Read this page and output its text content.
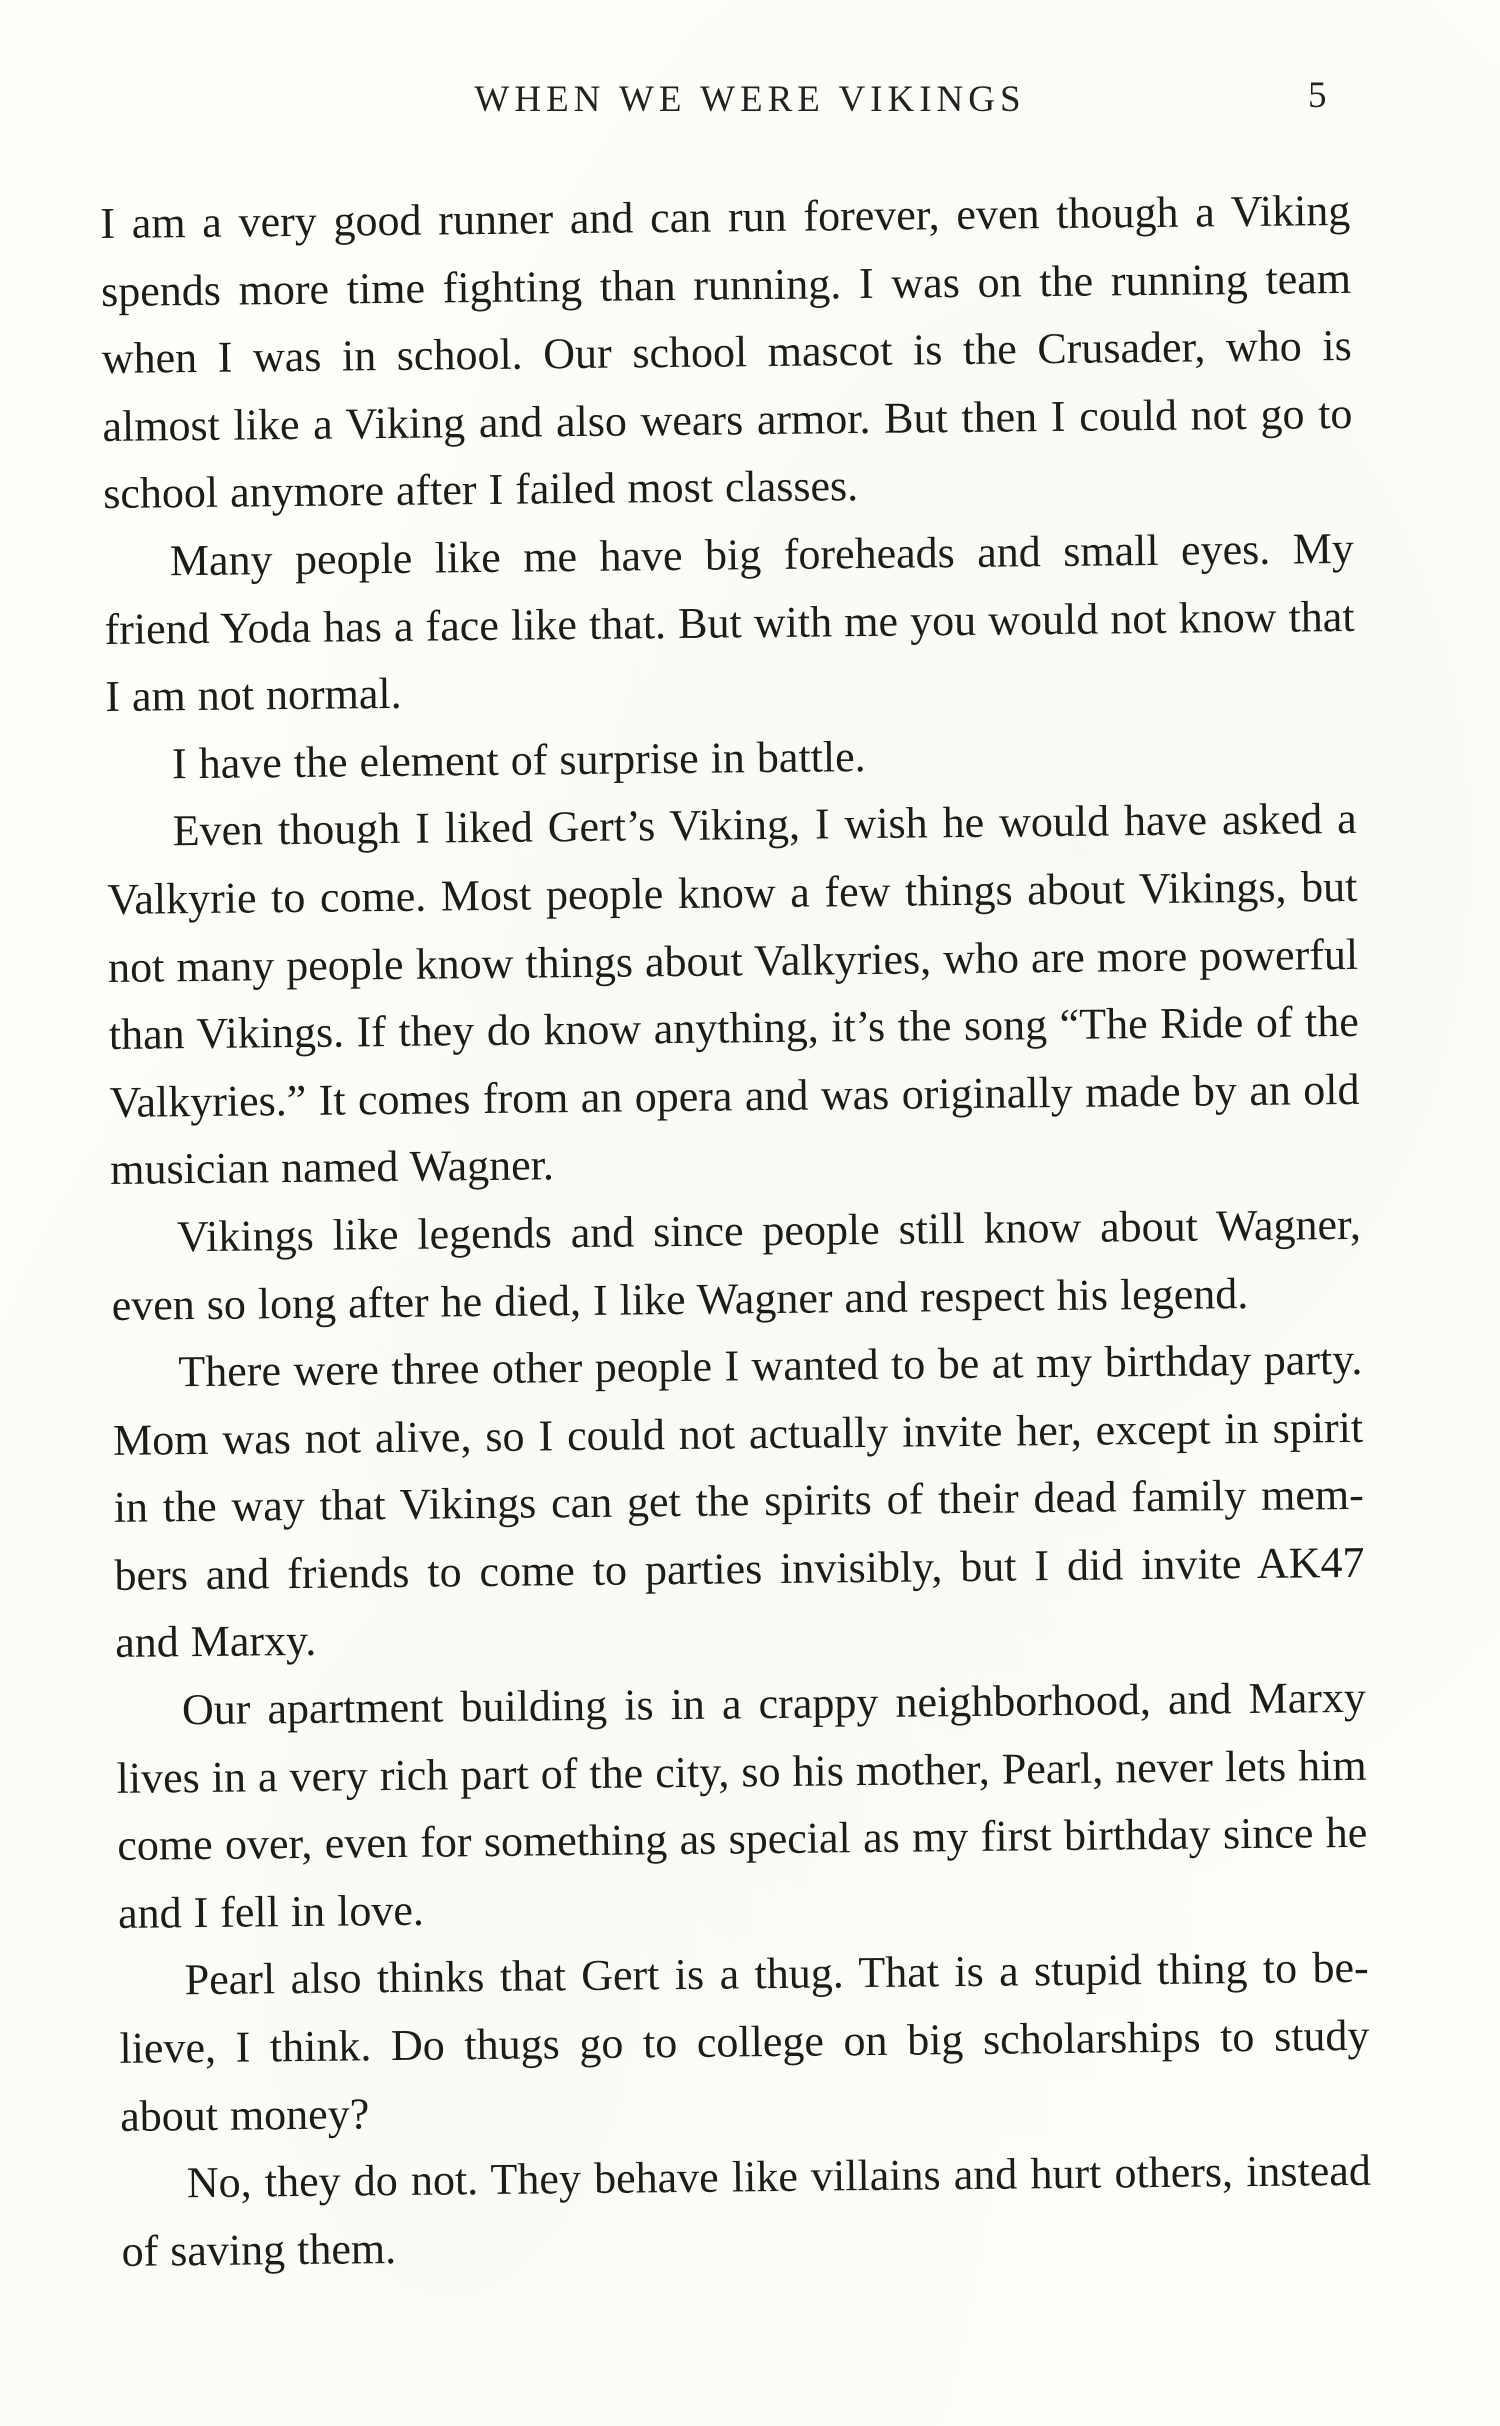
WHEN WE WERE VIKINGS	5

I am a very good runner and can run forever, even though a Viking spends more time fighting than running. I was on the running team when I was in school. Our school mascot is the Crusader, who is almost like a Viking and also wears armor. But then I could not go to school anymore after I failed most classes.

Many people like me have big foreheads and small eyes. My friend Yoda has a face like that. But with me you would not know that I am not normal.

I have the element of surprise in battle.

Even though I liked Gert’s Viking, I wish he would have asked a Valkyrie to come. Most people know a few things about Vikings, but not many people know things about Valkyries, who are more powerful than Vikings. If they do know anything, it’s the song “The Ride of the Valkyries.” It comes from an opera and was originally made by an old musician named Wagner.

Vikings like legends and since people still know about Wagner, even so long after he died, I like Wagner and respect his legend.

There were three other people I wanted to be at my birthday party. Mom was not alive, so I could not actually invite her, except in spirit in the way that Vikings can get the spirits of their dead family members and friends to come to parties invisibly, but I did invite AK47 and Marxy.

Our apartment building is in a crappy neighborhood, and Marxy lives in a very rich part of the city, so his mother, Pearl, never lets him come over, even for something as special as my first birthday since he and I fell in love.

Pearl also thinks that Gert is a thug. That is a stupid thing to believe, I think. Do thugs go to college on big scholarships to study about money?

No, they do not. They behave like villains and hurt others, instead of saving them.
